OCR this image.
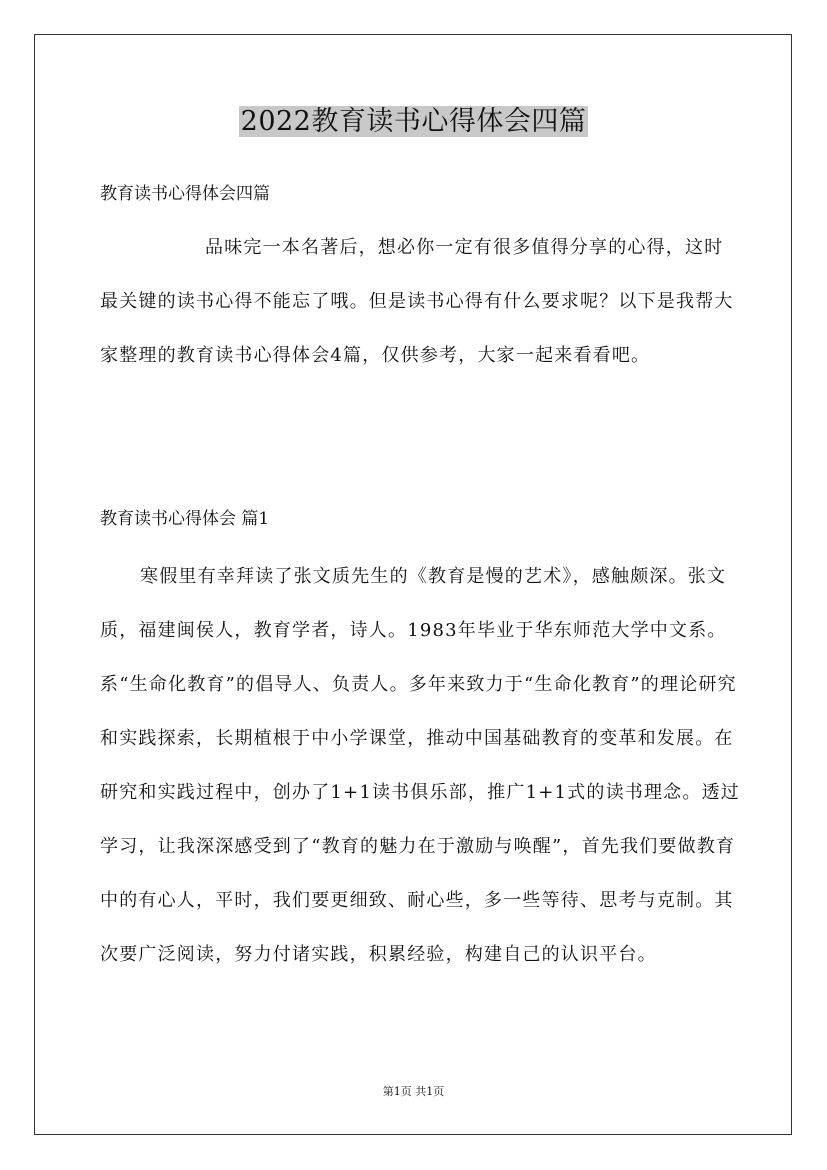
2022教育读书心得体会四篇

教育读书心得体会四篇

品味完一本名著后，想必你一定有很多值得分享的心得，这时最关键的读书心得不能忘了哦。但是读书心得有什么要求呢？以下是我帮大家整理的教育读书心得体会4篇，仅供参考，大家一起来看看吧。

教育读书心得体会 篇1

寒假里有幸拜读了张文质先生的《教育是慢的艺术》，感触颇深。张文质，福建闽侯人，教育学者，诗人。1983年毕业于华东师范大学中文系。系“生命化教育”的倡导人、负责人。多年来致力于“生命化教育”的理论研究和实践探索，长期植根于中小学课堂，推动中国基础教育的变革和发展。在研究和实践过程中，创办了1+1读书俱乐部，推广1+1式的读书理念。透过学习，让我深深感受到了“教育的魅力在于激励与唤醒”，首先我们要做教育中的有心人，平时，我们要更细致、耐心些，多一些等待、思考与克制。其次要广泛阅读，努力付诸实践，积累经验，构建自己的认识平台。

第1页 共1页
